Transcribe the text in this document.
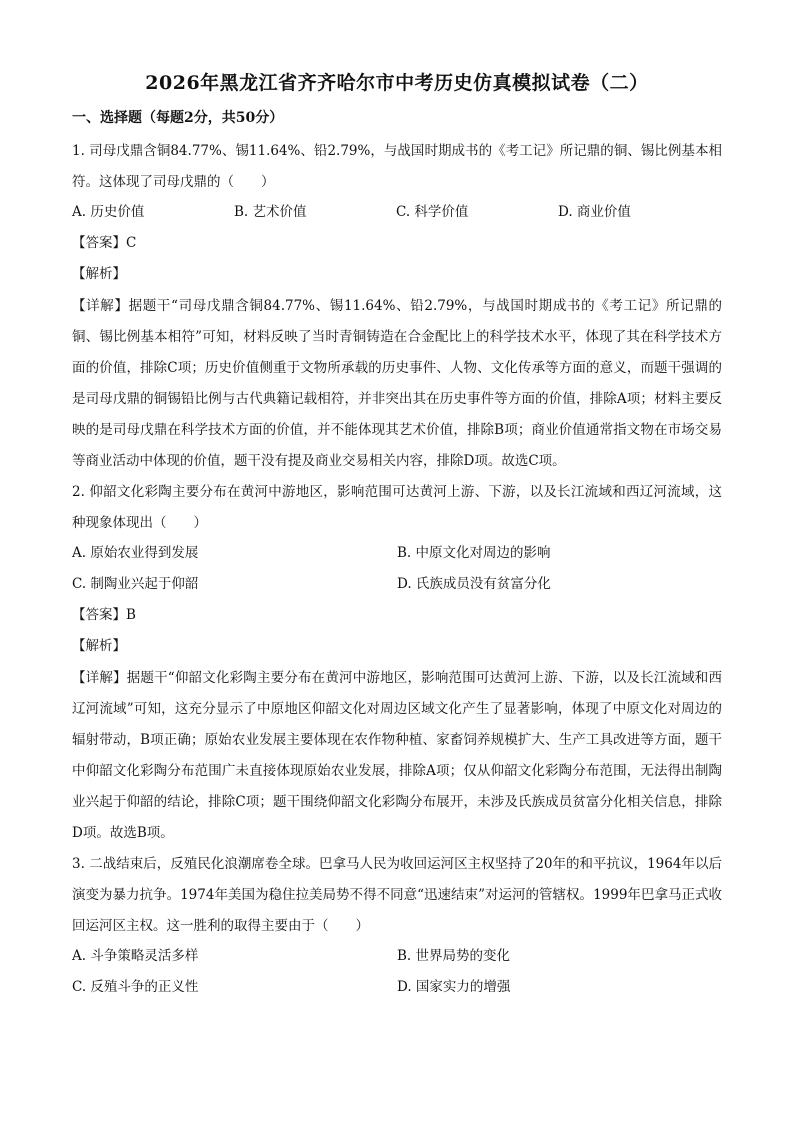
2026年黑龙江省齐齐哈尔市中考历史仿真模拟试卷（二）
一、选择题（每题2分，共50分）
1. 司母戊鼎含铜84.77%、锡11.64%、铅2.79%，与战国时期成书的《考工记》所记鼎的铜、锡比例基本相符。这体现了司母戊鼎的（　　）
A. 历史价值	B. 艺术价值	C. 科学价值	D. 商业价值
【答案】C
【解析】
【详解】据题干“司母戊鼎含铜84.77%、锡11.64%、铅2.79%，与战国时期成书的《考工记》所记鼎的铜、锡比例基本相符”可知，材料反映了当时青铜铸造在合金配比上的科学技术水平，体现了其在科学技术方面的价值，排除C项；历史价值侧重于文物所承载的历史事件、人物、文化传承等方面的意义，而题干强调的是司母戊鼎的铜锡铅比例与古代典籍记载相符，并非突出其在历史事件等方面的价值，排除A项；材料主要反映的是司母戊鼎在科学技术方面的价值，并不能体现其艺术价值，排除B项；商业价值通常指文物在市场交易等商业活动中体现的价值，题干没有提及商业交易相关内容，排除D项。故选C项。
2. 仰韶文化彩陶主要分布在黄河中游地区，影响范围可达黄河上游、下游，以及长江流域和西辽河流域，这种现象体现出（　　）
A. 原始农业得到发展	B. 中原文化对周边的影响
C. 制陶业兴起于仰韶	D. 氏族成员没有贫富分化
【答案】B
【解析】
【详解】据题干“仰韶文化彩陶主要分布在黄河中游地区，影响范围可达黄河上游、下游，以及长江流域和西辽河流域”可知，这充分显示了中原地区仰韶文化对周边区域文化产生了显著影响，体现了中原文化对周边的辐射带动，B项正确；原始农业发展主要体现在农作物种植、家畜饲养规模扩大、生产工具改进等方面，题干中仰韶文化彩陶分布范围广未直接体现原始农业发展，排除A项；仅从仰韶文化彩陶分布范围，无法得出制陶业兴起于仰韶的结论，排除C项；题干围绕仰韶文化彩陶分布展开，未涉及氏族成员贫富分化相关信息，排除D项。故选B项。
3. 二战结束后，反殖民化浪潮席卷全球。巴拿马人民为收回运河区主权坚持了20年的和平抗议，1964年以后演变为暴力抗争。1974年美国为稳住拉美局势不得不同意“迅速结束”对运河的管辖权。1999年巴拿马正式收回运河区主权。这一胜利的取得主要由于（　　）
A. 斗争策略灵活多样	B. 世界局势的变化
C. 反殖斗争的正义性	D. 国家实力的增强
